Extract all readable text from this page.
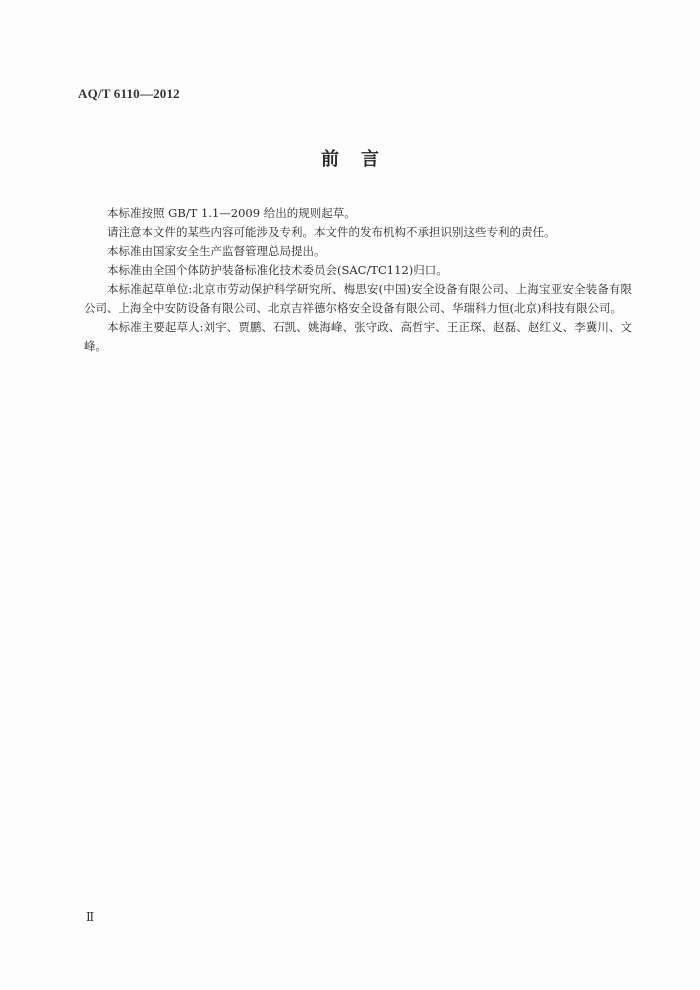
AQ/T 6110—2012
前言

本标准按照 GB/T 1.1—2009 给出的规则起草。

请注意本文件的某些内容可能涉及专利。本文件的发布机构不承担识别这些专利的责任。

本标准由国家安全生产监督管理总局提出。

本标准由全国个体防护装备标准化技术委员会(SAC/TC112)归口。

本标准起草单位:北京市劳动保护科学研究所、梅思安(中国)安全设备有限公司、上海宝亚安全装备有限公司、上海全中安防设备有限公司、北京吉祥德尔格安全设备有限公司、华瑞科力恒(北京)科技有限公司。

本标准主要起草人:刘宇、贾鹏、石凯、姚海峰、张守政、高哲宇、王正琛、赵磊、赵红义、李冀川、文峰。

Ⅱ
